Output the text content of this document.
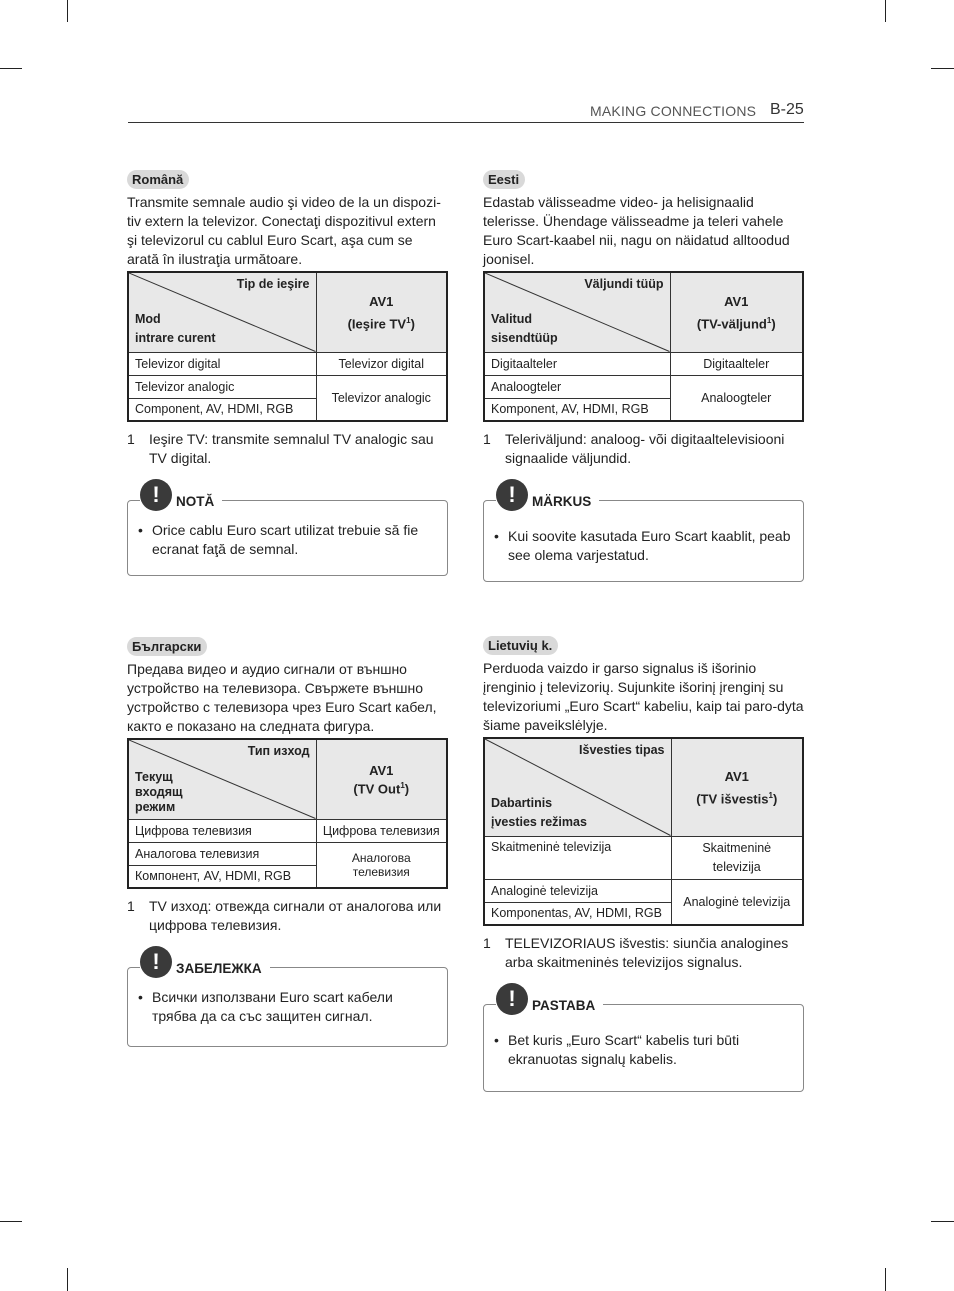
MAKING CONNECTIONS B-25
Română

Transmite semnale audio şi video de la un dispozi-tiv extern la televizor. Conectaţi dispozitivul extern şi televizorul cu cablul Euro Scart, aşa cum se arată în ilustraţia următoare.

Tip de ieşire
Mod
intrare curent	AV1
(Ieşire $TV^1$)
Televizor digital	Televizor digital
Televizor analogic	Televizor analogic
Component, AV, HDMI, RGB	
1	Ieşire TV: transmite semnalul TV analogic sau TV digital.
!	NOTĂ
• Orice cablu Euro scart utilizat trebuie să fie ecranat faţă de semnal.
Eesti

Edastab välisseadme video- ja helisignaalid telerisse. Ühendage välisseadme ja teleri vahele Euro Scart-kaabel nii, nagu on näidatud alltoodud joonisel.

Väljundi tüüp
Valitud
sisendtüüp	AV1
(TV-väljund$^1$)
Digitaalteler	Digitaalteler
Analoogteler	Analoogteler
Komponent, AV, HDMI, RGB	
1	Teleriväljund: analoog- või digitaaltelevisiooni signaalide väljundid.
!	MÄRKUS
• Kui soovite kasutada Euro Scart kaablit, peab see olema varjestatud.
Български

Предава видео и аудио сигнали от външно устройство на телевизора. Свържете външно устройство с телевизора чрез Euro Scart кабел, както е показано на следната фигура.

Тип изход
Текущ
входящ
режим	AV1
(TV Out$^1$)
Цифрова телевизия	Цифрова телевизия
Аналогова телевизия	Аналогова телевизия
Компонент, AV, HDMI, RGB	
1	TV изход: отвежда сигнали от аналогова или цифрова телевизия.
!	ЗАБЕЛЕЖКА
• Всички използвани Euro scart кабели трябва да са със защитен сигнал.
Lietuvių k.

Perduoda vaizdo ir garso signalus iš išorinio įrenginio į televizorių. Sujunkite išorinį įrenginį su televizoriumi „Euro Scart“ kabeliu, kaip tai paro-dyta šiame paveikslėlyje.

Išvesties tipas
Dabartinis
įvesties režimas	AV1
(TV išvestis$^1$)
Skaitmeninė televizija	Skaitmeninė televizija
Analoginė televizija	Analoginė televizija
Komponentas, AV, HDMI, RGB	
1	TELEVIZORIAUS išvestis: siunčia analogines arba skaitmeninės televizijos signalus.
!	PASTABA
• Bet kuris „Euro Scart“ kabelis turi būti ekranuotas signalų kabelis.
